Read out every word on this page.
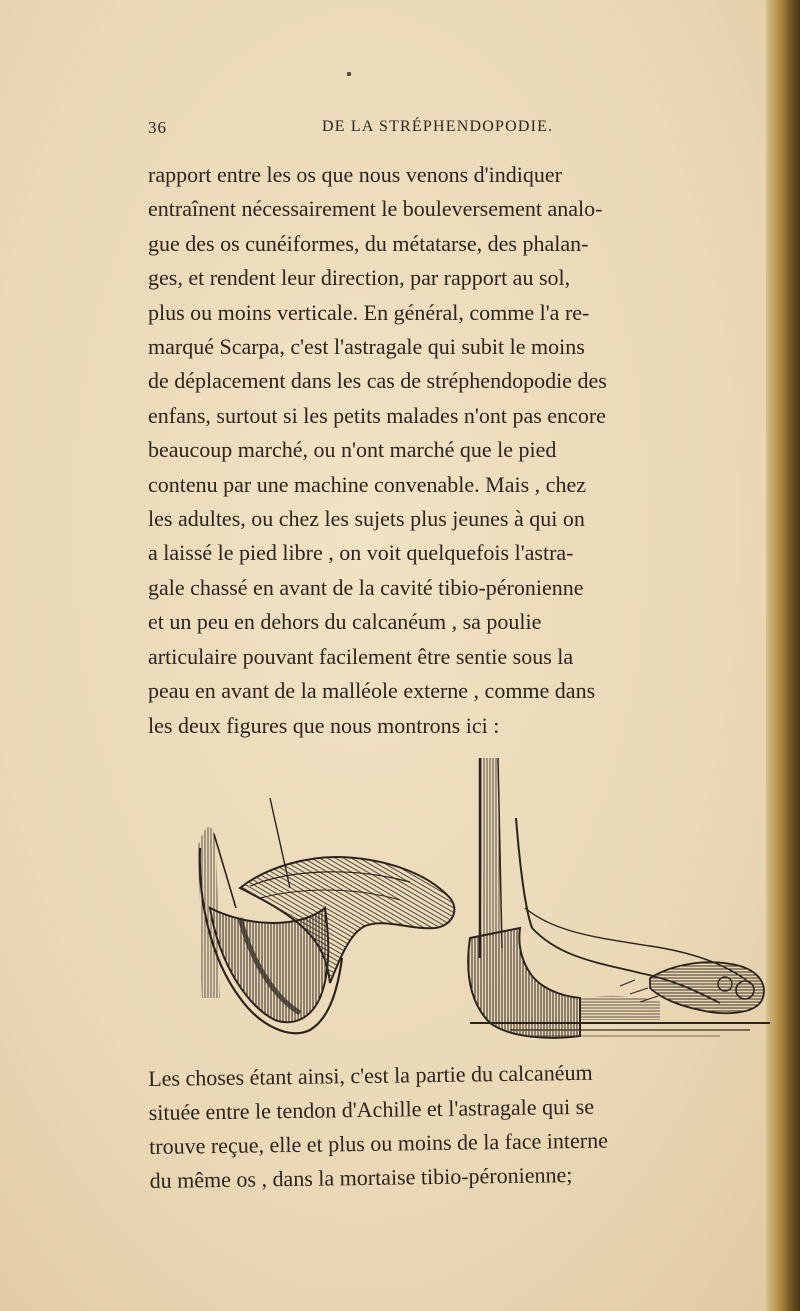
36	DE LA STRÉPHENDOPODIE.
rapport entre les os que nous venons d'indiquer
entraînent nécessairement le bouleversement analo-
gue des os cunéiformes, du métatarse, des phalan-
ges, et rendent leur direction, par rapport au sol,
plus ou moins verticale. En général, comme l'a re-
marqué Scarpa, c'est l'astragale qui subit le moins
de déplacement dans les cas de stréphendopodie des
enfans, surtout si les petits malades n'ont pas encore
beaucoup marché, ou n'ont marché que le pied
contenu par une machine convenable. Mais , chez
les adultes, ou chez les sujets plus jeunes à qui on
a laissé le pied libre , on voit quelquefois l'astra-
gale chassé en avant de la cavité tibio-péronienne
et un peu en dehors du calcanéum , sa poulie
articulaire pouvant facilement être sentie sous la
peau en avant de la malléole externe , comme dans
les deux figures que nous montrons ici :
Les choses étant ainsi, c'est la partie du calcanéum
située entre le tendon d'Achille et l'astragale qui se
trouve reçue, elle et plus ou moins de la face interne
du même os , dans la mortaise tibio-péronienne;
